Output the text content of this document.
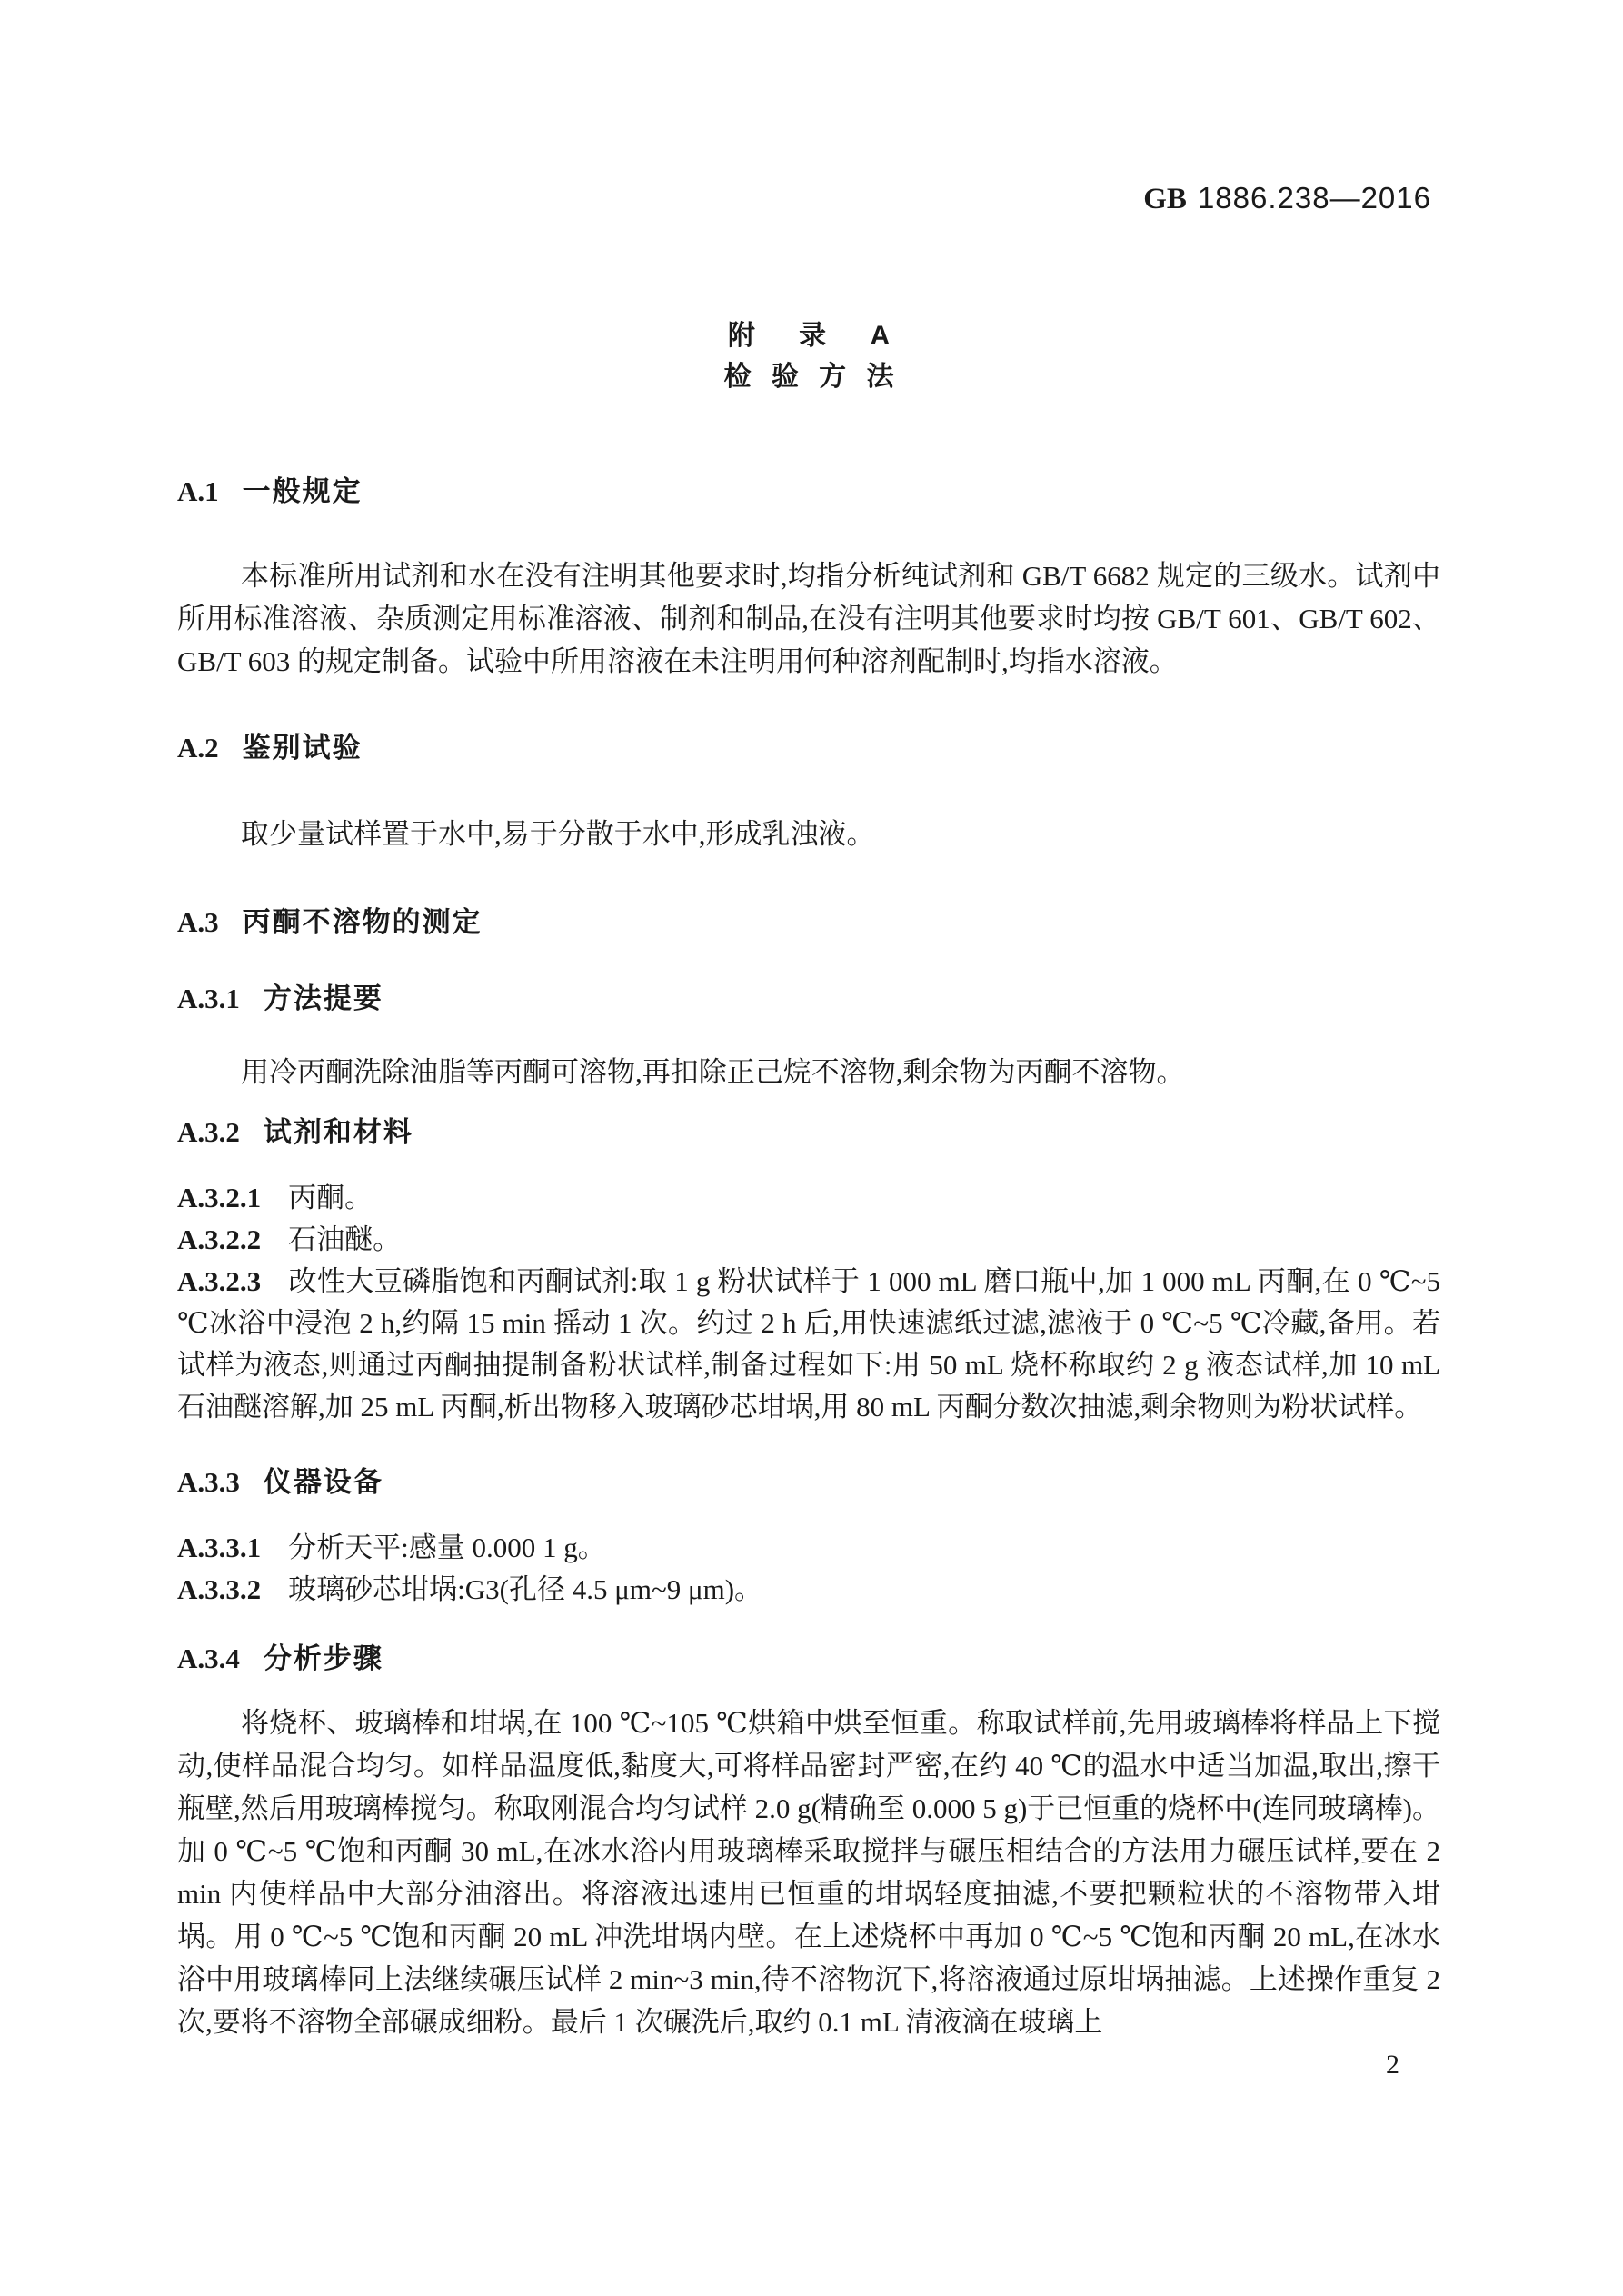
GB 1886.238—2016
附 录 A
检 验 方 法
A.1 一般规定

本标准所用试剂和水在没有注明其他要求时,均指分析纯试剂和 GB/T 6682 规定的三级水。试剂中所用标准溶液、杂质测定用标准溶液、制剂和制品,在没有注明其他要求时均按 GB/T 601、GB/T 602、GB/T 603 的规定制备。试验中所用溶液在未注明用何种溶剂配制时,均指水溶液。

A.2 鉴别试验

取少量试样置于水中,易于分散于水中,形成乳浊液。

A.3 丙酮不溶物的测定
A.3.1 方法提要

用冷丙酮洗除油脂等丙酮可溶物,再扣除正己烷不溶物,剩余物为丙酮不溶物。

A.3.2 试剂和材料

A.3.2.1 丙酮。

A.3.2.2 石油醚。

A.3.2.3 改性大豆磷脂饱和丙酮试剂:取 1 g 粉状试样于 1 000 mL 磨口瓶中,加 1 000 mL 丙酮,在 0 ℃~5 ℃冰浴中浸泡 2 h,约隔 15 min 摇动 1 次。约过 2 h 后,用快速滤纸过滤,滤液于 0 ℃~5 ℃冷藏,备用。若试样为液态,则通过丙酮抽提制备粉状试样,制备过程如下:用 50 mL 烧杯称取约 2 g 液态试样,加 10 mL 石油醚溶解,加 25 mL 丙酮,析出物移入玻璃砂芯坩埚,用 80 mL 丙酮分数次抽滤,剩余物则为粉状试样。

A.3.3 仪器设备

A.3.3.1 分析天平:感量 0.000 1 g。

A.3.3.2 玻璃砂芯坩埚:G3(孔径 4.5 μm~9 μm)。

A.3.4 分析步骤

将烧杯、玻璃棒和坩埚,在 100 ℃~105 ℃烘箱中烘至恒重。称取试样前,先用玻璃棒将样品上下搅动,使样品混合均匀。如样品温度低,黏度大,可将样品密封严密,在约 40 ℃的温水中适当加温,取出,擦干瓶壁,然后用玻璃棒搅匀。称取刚混合均匀试样 2.0 g(精确至 0.000 5 g)于已恒重的烧杯中(连同玻璃棒)。加 0 ℃~5 ℃饱和丙酮 30 mL,在冰水浴内用玻璃棒采取搅拌与碾压相结合的方法用力碾压试样,要在 2 min 内使样品中大部分油溶出。将溶液迅速用已恒重的坩埚轻度抽滤,不要把颗粒状的不溶物带入坩埚。用 0 ℃~5 ℃饱和丙酮 20 mL 冲洗坩埚内壁。在上述烧杯中再加 0 ℃~5 ℃饱和丙酮 20 mL,在冰水浴中用玻璃棒同上法继续碾压试样 2 min~3 min,待不溶物沉下,将溶液通过原坩埚抽滤。上述操作重复 2 次,要将不溶物全部碾成细粉。最后 1 次碾洗后,取约 0.1 mL 清液滴在玻璃上

2
